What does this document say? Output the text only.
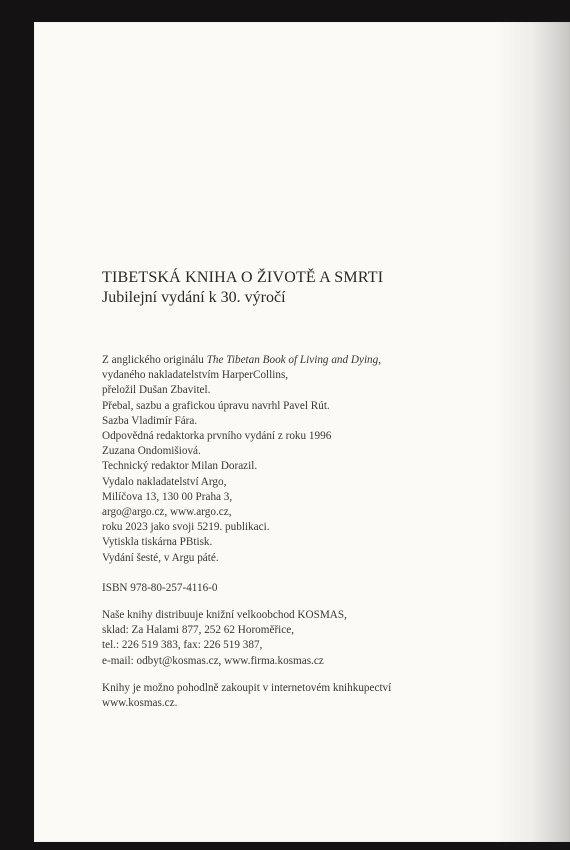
TIBETSKÁ KNIHA O ŽIVOTĚ A SMRTI
Jubilejní vydání k 30. výročí
Z anglického originálu The Tibetan Book of Living and Dying,
vydaného nakladatelstvím HarperCollins,
přeložil Dušan Zbavitel.
Přebal, sazbu a grafickou úpravu navrhl Pavel Rút.
Sazba Vladimír Fára.
Odpovědná redaktorka prvního vydání z roku 1996
Zuzana Ondomišiová.
Technický redaktor Milan Dorazil.
Vydalo nakladatelství Argo,
Milíčova 13, 130 00 Praha 3,
argo@argo.cz, www.argo.cz,
roku 2023 jako svoji 5219. publikaci.
Vytiskla tiskárna PBtisk.
Vydání šesté, v Argu páté.
ISBN 978-80-257-4116-0
Naše knihy distribuuje knižní velkoobchod KOSMAS,
sklad: Za Halami 877, 252 62 Horoměřice,
tel.: 226 519 383, fax: 226 519 387,
e-mail: odbyt@kosmas.cz, www.firma.kosmas.cz
Knihy je možno pohodlně zakoupit v internetovém knihkupectví
www.kosmas.cz.
